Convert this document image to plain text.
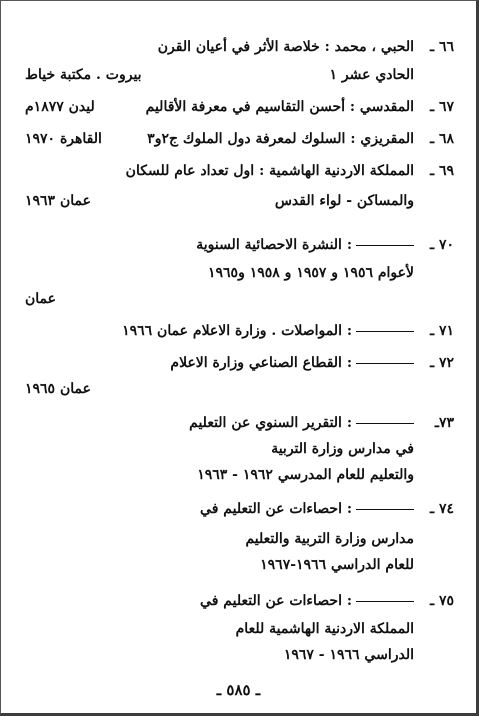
٦٦ ـ
الحبي ، محمد : خلاصة الأثر في أعيان القرن
الحادي عشر ١
بيروت . مكتبة خياط
٦٧ ـ
المقدسي : أحسن التقاسيم في معرفة الأقاليم
ليدن ١٨٧٧م
٦٨ ـ
المقريزي : السلوك لمعرفة دول الملوك ج٢و٣
القاهرة ١٩٧٠
٦٩ ـ
المملكة الاردنية الهاشمية : اول تعداد عام للسكان
والمساكن - لواء القدس
عمان ١٩٦٣
٧٠ ـ
: النشرة الاحصائية السنوية
لأعوام ١٩٥٦ و ١٩٥٧ و ١٩٥٨ و١٩٦٥
عمان
٧١ ـ
: المواصلات . وزارة الاعلام عمان ١٩٦٦
٧٢ ـ
: القطاع الصناعي وزارة الاعلام
عمان ١٩٦٥
٧٣ـ
: التقرير السنوي عن التعليم
في مدارس وزارة التربية
والتعليم للعام المدرسي ١٩٦٢ - ١٩٦٣
٧٤ ـ
: احصاءات عن التعليم في
مدارس وزارة التربية والتعليم
للعام الدراسي ١٩٦٦-١٩٦٧
٧٥ ـ
: احصاءات عن التعليم في
المملكة الاردنية الهاشمية للعام
الدراسي ١٩٦٦ - ١٩٦٧
ـ ٥٨٥ ـ
